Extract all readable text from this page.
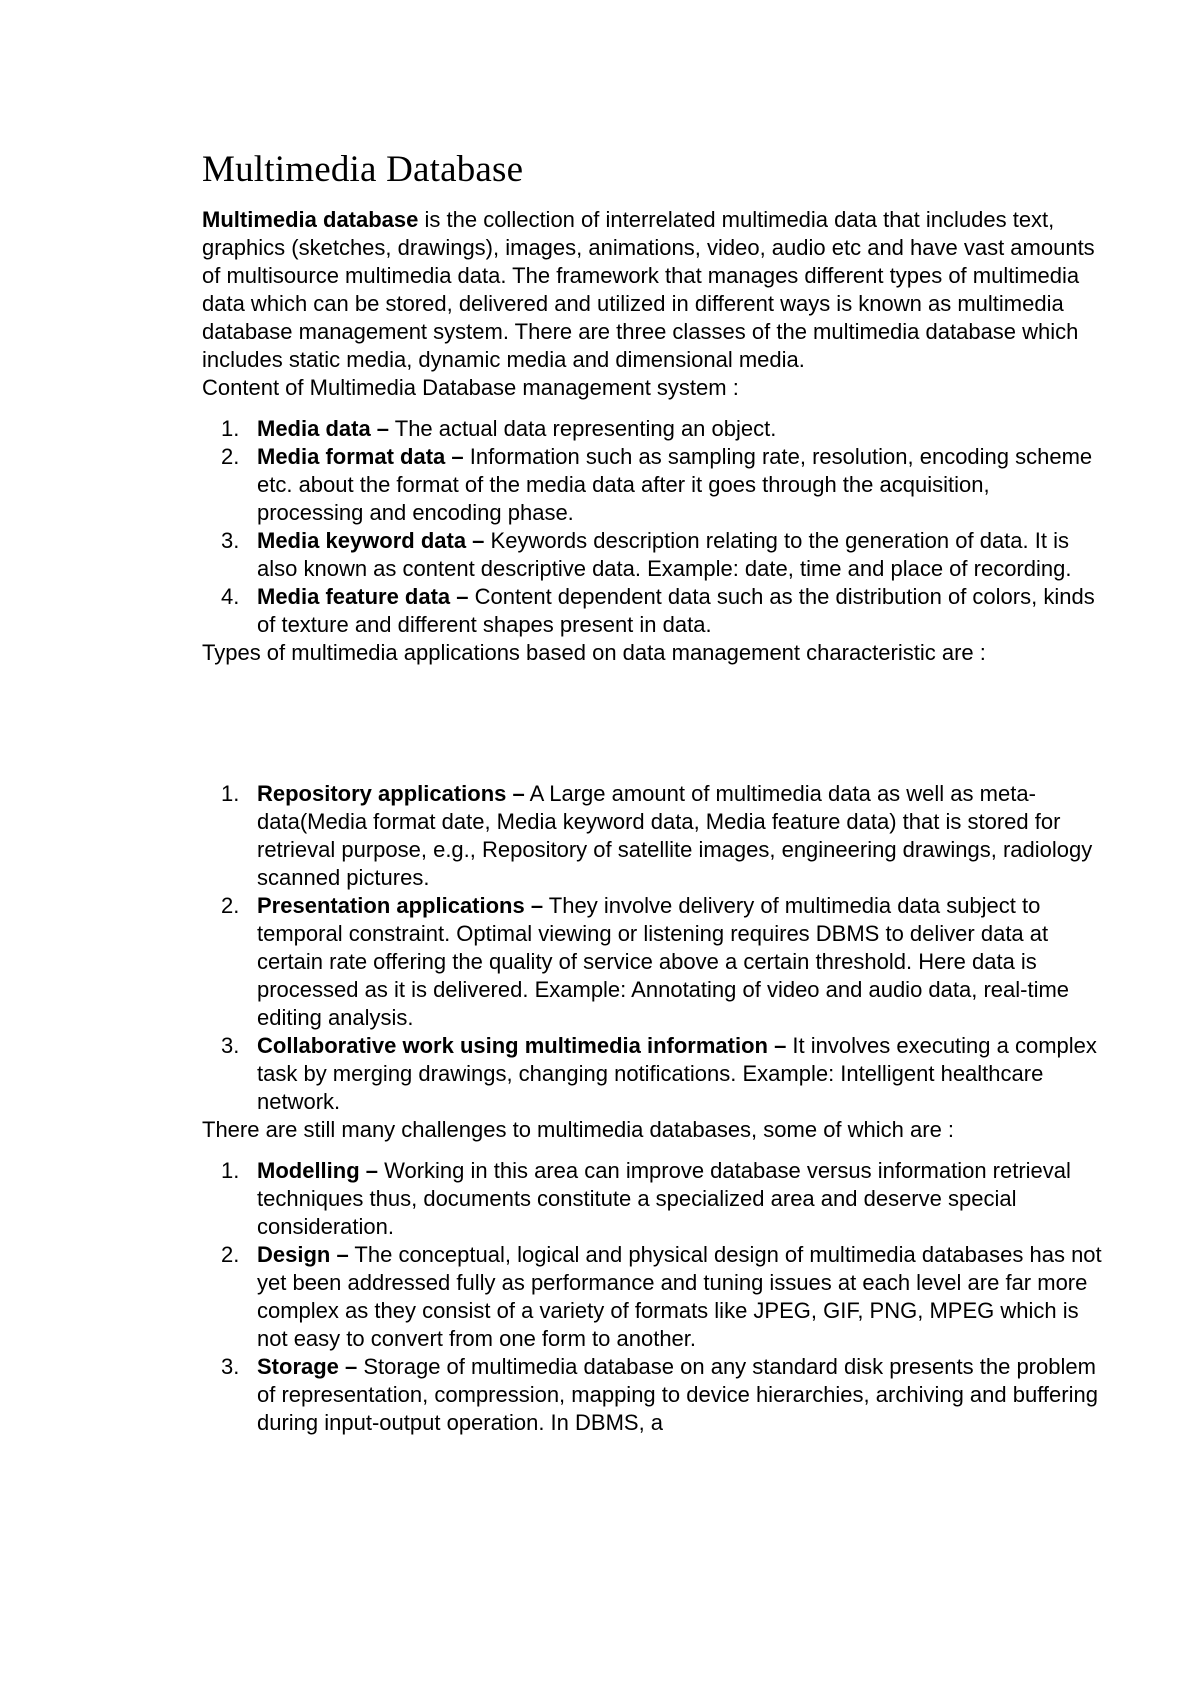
Multimedia Database

Multimedia database is the collection of interrelated multimedia data that includes text, graphics (sketches, drawings), images, animations, video, audio etc and have vast amounts of multisource multimedia data. The framework that manages different types of multimedia data which can be stored, delivered and utilized in different ways is known as multimedia database management system. There are three classes of the multimedia database which includes static media, dynamic media and dimensional media.

Content of Multimedia Database management system :

1. Media data – The actual data representing an object.
2. Media format data – Information such as sampling rate, resolution, encoding scheme etc. about the format of the media data after it goes through the acquisition, processing and encoding phase.
3. Media keyword data – Keywords description relating to the generation of data. It is also known as content descriptive data. Example: date, time and place of recording.
4. Media feature data – Content dependent data such as the distribution of colors, kinds of texture and different shapes present in data.

Types of multimedia applications based on data management characteristic are :

1. Repository applications – A Large amount of multimedia data as well as meta-data(Media format date, Media keyword data, Media feature data) that is stored for retrieval purpose, e.g., Repository of satellite images, engineering drawings, radiology scanned pictures.
2. Presentation applications – They involve delivery of multimedia data subject to temporal constraint. Optimal viewing or listening requires DBMS to deliver data at certain rate offering the quality of service above a certain threshold. Here data is processed as it is delivered. Example: Annotating of video and audio data, real-time editing analysis.
3. Collaborative work using multimedia information – It involves executing a complex task by merging drawings, changing notifications. Example: Intelligent healthcare network.

There are still many challenges to multimedia databases, some of which are :

1. Modelling – Working in this area can improve database versus information retrieval techniques thus, documents constitute a specialized area and deserve special consideration.
2. Design – The conceptual, logical and physical design of multimedia databases has not yet been addressed fully as performance and tuning issues at each level are far more complex as they consist of a variety of formats like JPEG, GIF, PNG, MPEG which is not easy to convert from one form to another.
3. Storage – Storage of multimedia database on any standard disk presents the problem of representation, compression, mapping to device hierarchies, archiving and buffering during input-output operation. In DBMS, a
